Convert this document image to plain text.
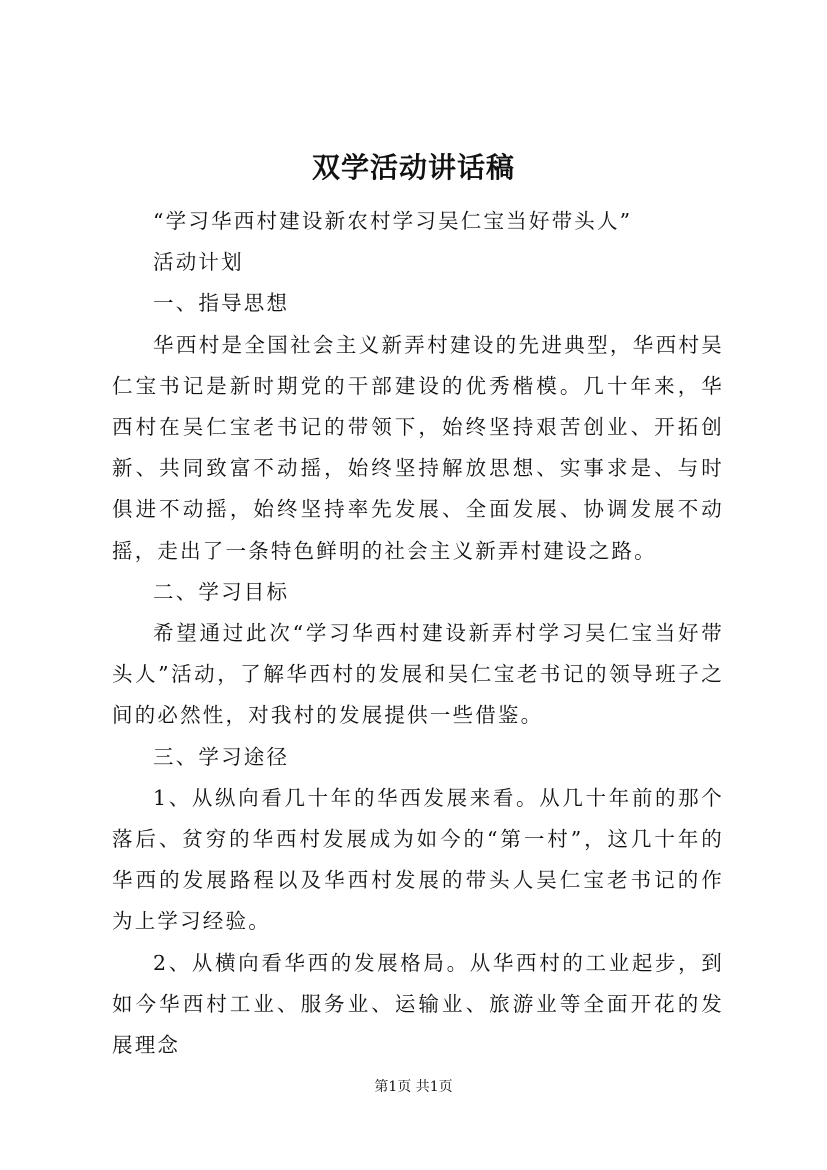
双学活动讲话稿

“学习华西村建设新农村学习吴仁宝当好带头人”

活动计划

一、指导思想

华西村是全国社会主义新弄村建设的先进典型，华西村吴仁宝书记是新时期党的干部建设的优秀楷模。几十年来，华西村在吴仁宝老书记的带领下，始终坚持艰苦创业、开拓创新、共同致富不动摇，始终坚持解放思想、实事求是、与时俱进不动摇，始终坚持率先发展、全面发展、协调发展不动摇，走出了一条特色鲜明的社会主义新弄村建设之路。

二、学习目标

希望通过此次“学习华西村建设新弄村学习吴仁宝当好带头人”活动，了解华西村的发展和吴仁宝老书记的领导班子之间的必然性，对我村的发展提供一些借鉴。

三、学习途径

1、从纵向看几十年的华西发展来看。从几十年前的那个落后、贫穷的华西村发展成为如今的“第一村”，这几十年的华西的发展路程以及华西村发展的带头人吴仁宝老书记的作为上学习经验。

2、从横向看华西的发展格局。从华西村的工业起步，到如今华西村工业、服务业、运输业、旅游业等全面开花的发展理念

第1页 共1页
